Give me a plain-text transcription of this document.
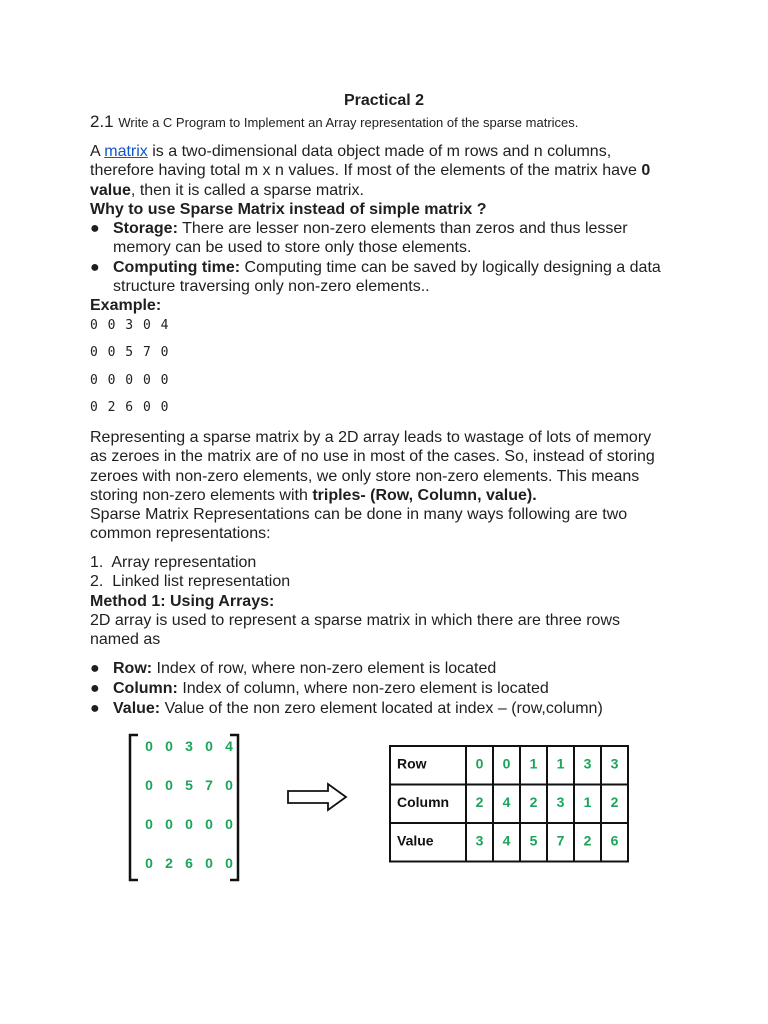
Practical 2
2.1 Write a C Program to Implement an Array representation of the sparse matrices.
A matrix is a two-dimensional data object made of m rows and n columns,
therefore having total m x n values. If most of the elements of the matrix have 0
value, then it is called a sparse matrix.
Why to use Sparse Matrix instead of simple matrix ?
● Storage: There are lesser non-zero elements than zeros and thus lesser
memory can be used to store only those elements.
● Computing time: Computing time can be saved by logically designing a data
structure traversing only non-zero elements..
Example:
0 0 3 0 4
0 0 5 7 0
0 0 0 0 0
0 2 6 0 0
Representing a sparse matrix by a 2D array leads to wastage of lots of memory
as zeroes in the matrix are of no use in most of the cases. So, instead of storing
zeroes with non-zero elements, we only store non-zero elements. This means
storing non-zero elements with triples- (Row, Column, value).
Sparse Matrix Representations can be done in many ways following are two
common representations:
1.  Array representation
2.  Linked list representation
Method 1: Using Arrays:
2D array is used to represent a sparse matrix in which there are three rows
named as
● Row: Index of row, where non-zero element is located
● Column: Index of column, where non-zero element is located
● Value: Value of the non zero element located at index – (row,column)
0 0 3 0 4
0 0 5 7 0
0 0 0 0 0
0 2 6 0 0
Row	0 0 1 1 3 3
Column 2 4 2 3 1 2
Value	3 4 5 7 2 6
